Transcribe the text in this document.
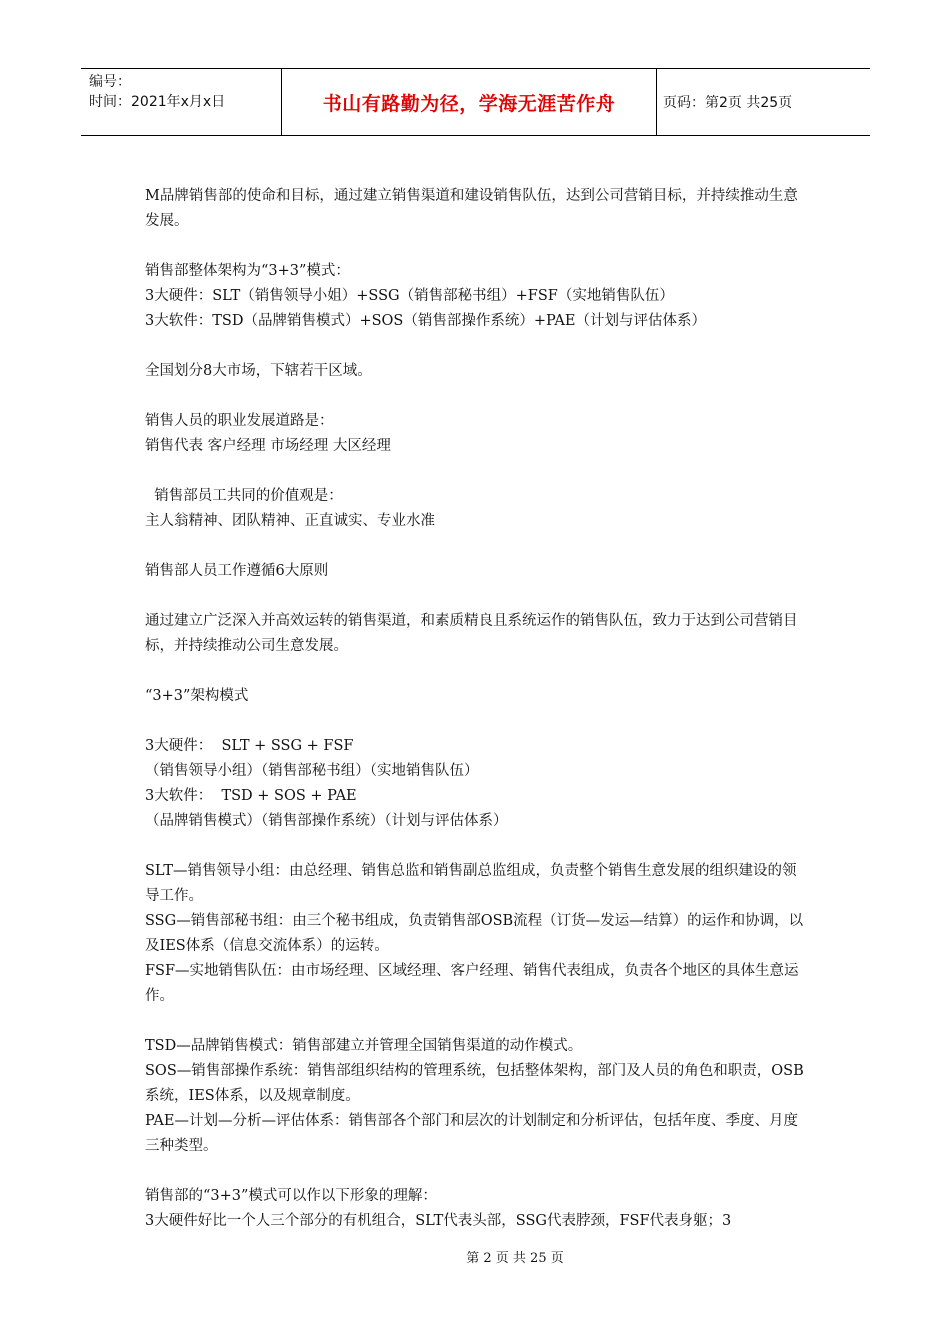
编号：
时间：2021年x月x日	书山有路勤为径，学海无涯苦作舟	页码：第2页 共25页

M品牌销售部的使命和目标，通过建立销售渠道和建设销售队伍，达到公司营销目标，并持续推动生意发展。

销售部整体架构为“3+3”模式：

3大硬件：SLT（销售领导小姐）+SSG（销售部秘书组）+FSF（实地销售队伍）

3大软件：TSD（品牌销售模式）+SOS（销售部操作系统）+PAE（计划与评估体系）

全国划分8大市场，下辖若干区域。

销售人员的职业发展道路是：

销售代表 客户经理 市场经理 大区经理

销售部员工共同的价值观是：

主人翁精神、团队精神、正直诚实、专业水准

销售部人员工作遵循6大原则

通过建立广泛深入并高效运转的销售渠道，和素质精良且系统运作的销售队伍，致力于达到公司营销目标，并持续推动公司生意发展。

“3+3”架构模式

3大硬件：  SLT + SSG + FSF

（销售领导小组）（销售部秘书组）（实地销售队伍）

3大软件：  TSD + SOS + PAE

（品牌销售模式）（销售部操作系统）（计划与评估体系）

SLT—销售领导小组：由总经理、销售总监和销售副总监组成，负责整个销售生意发展的组织建设的领导工作。

SSG—销售部秘书组：由三个秘书组成，负责销售部OSB流程（订货—发运—结算）的运作和协调，以及IES体系（信息交流体系）的运转。

FSF—实地销售队伍：由市场经理、区域经理、客户经理、销售代表组成，负责各个地区的具体生意运作。

TSD—品牌销售模式：销售部建立并管理全国销售渠道的动作模式。

SOS—销售部操作系统：销售部组织结构的管理系统，包括整体架构，部门及人员的角色和职责，OSB系统，IES体系，以及规章制度。

PAE—计划—分析—评估体系：销售部各个部门和层次的计划制定和分析评估，包括年度、季度、月度三种类型。

销售部的“3+3”模式可以作以下形象的理解：

3大硬件好比一个人三个部分的有机组合，SLT代表头部，SSG代表脖颈，FSF代表身躯；3

第 2 页 共 25 页
